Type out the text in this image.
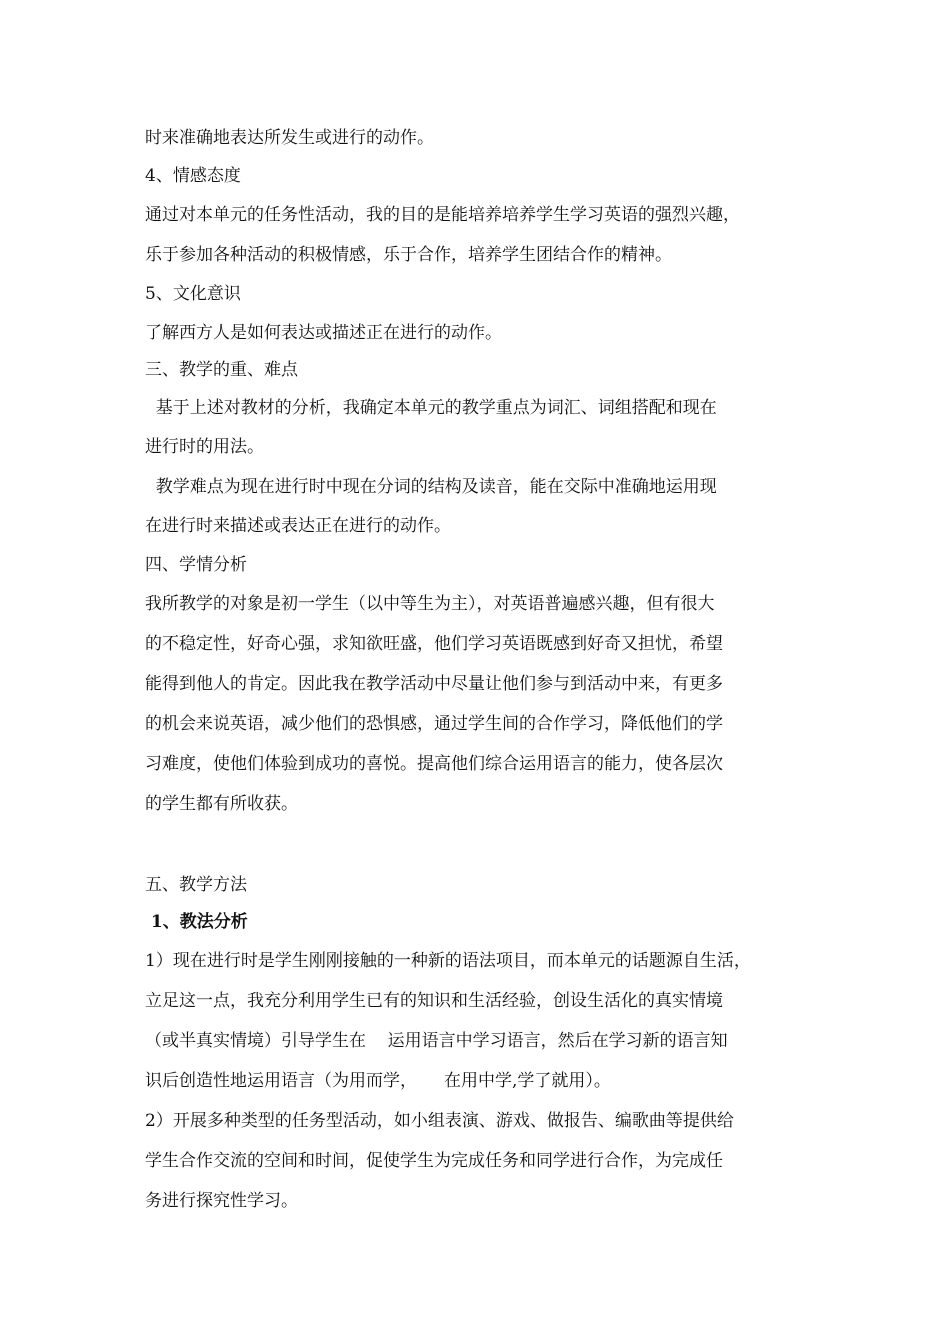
时来准确地表达所发生或进行的动作。
4、情感态度
通过对本单元的任务性活动，我的目的是能培养培养学生学习英语的强烈兴趣，
乐于参加各种活动的积极情感，乐于合作，培养学生团结合作的精神。
5、文化意识
了解西方人是如何表达或描述正在进行的动作。
三、教学的重、难点
基于上述对教材的分析，我确定本单元的教学重点为词汇、词组搭配和现在
进行时的用法。
教学难点为现在进行时中现在分词的结构及读音，能在交际中准确地运用现
在进行时来描述或表达正在进行的动作。
四、学情分析
我所教学的对象是初一学生（以中等生为主），对英语普遍感兴趣，但有很大
的不稳定性，好奇心强，求知欲旺盛，他们学习英语既感到好奇又担忧，希望
能得到他人的肯定。因此我在教学活动中尽量让他们参与到活动中来，有更多
的机会来说英语，减少他们的恐惧感，通过学生间的合作学习，降低他们的学
习难度，使他们体验到成功的喜悦。提高他们综合运用语言的能力，使各层次
的学生都有所收获。
五、教学方法
1、教法分析
1）现在进行时是学生刚刚接触的一种新的语法项目，而本单元的话题源自生活，
立足这一点，我充分利用学生已有的知识和生活经验，创设生活化的真实情境
（或半真实情境）引导学生在    运用语言中学习语言，然后在学习新的语言知
识后创造性地运用语言（为用而学，     在用中学,学了就用）。
2）开展多种类型的任务型活动，如小组表演、游戏、做报告、编歌曲等提供给
学生合作交流的空间和时间，促使学生为完成任务和同学进行合作，为完成任
务进行探究性学习。
